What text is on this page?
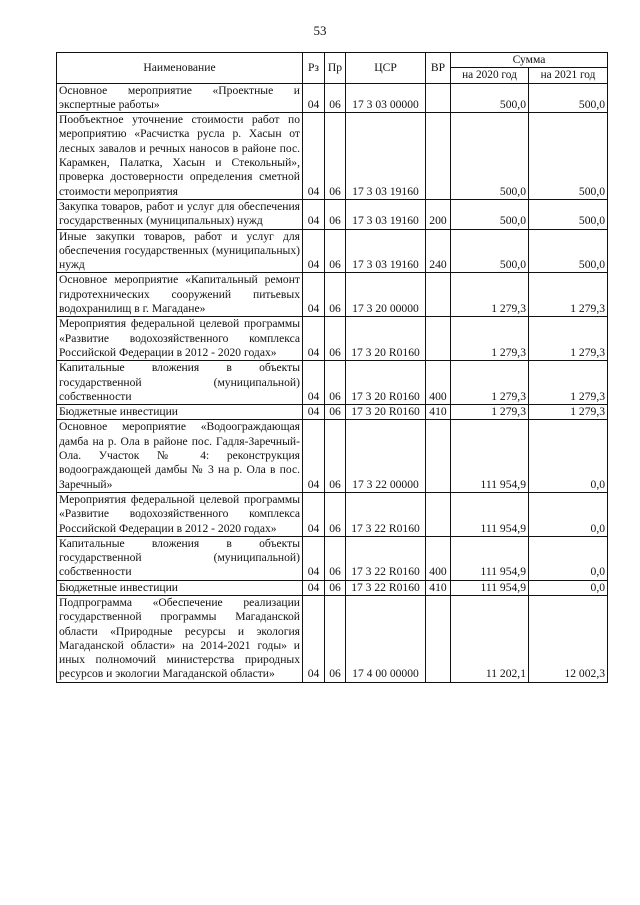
53
Наименование	Рз	Пр	ЦСР	ВР	Сумма	
					на 2020 год	на 2021 год
Основное мероприятие «Проектные и экспертные работы»	04	06	17 3 03 00000		500,0	500,0
Пообъектное уточнение стоимости работ по мероприятию «Расчистка русла р. Хасын от лесных завалов и речных наносов в районе пос. Карамкен, Палатка, Хасын и Стекольный», проверка достоверности определения сметной стоимости мероприятия	04	06	17 3 03 19160		500,0	500,0
Закупка товаров, работ и услуг для обеспечения государственных (муниципальных) нужд	04	06	17 3 03 19160	200	500,0	500,0
Иные закупки товаров, работ и услуг для обеспечения государственных (муниципальных) нужд	04	06	17 3 03 19160	240	500,0	500,0
Основное мероприятие «Капитальный ремонт гидротехнических сооружений питьевых водохранилищ в г. Магадане»	04	06	17 3 20 00000		1 279,3	1 279,3
Мероприятия федеральной целевой программы «Развитие водохозяйственного комплекса Российской Федерации в 2012 - 2020 годах»	04	06	17 3 20 R0160		1 279,3	1 279,3
Капитальные вложения в объекты государственной (муниципальной) собственности	04	06	17 3 20 R0160	400	1 279,3	1 279,3
Бюджетные инвестиции	04	06	17 3 20 R0160	410	1 279,3	1 279,3
Основное мероприятие «Водоограждающая дамба на р. Ола в районе пос. Гадля-Заречный-Ола. Участок № 4: реконструкция водоограждающей дамбы № 3 на р. Ола в пос. Заречный»	04	06	17 3 22 00000		111 954,9	0,0
Мероприятия федеральной целевой программы «Развитие водохозяйственного комплекса Российской Федерации в 2012 - 2020 годах»	04	06	17 3 22 R0160		111 954,9	0,0
Капитальные вложения в объекты государственной (муниципальной) собственности	04	06	17 3 22 R0160	400	111 954,9	0,0
Бюджетные инвестиции	04	06	17 3 22 R0160	410	111 954,9	0,0
Подпрограмма «Обеспечение реализации государственной программы Магаданской области «Природные ресурсы и экология Магаданской области» на 2014-2021 годы» и иных полномочий министерства природных ресурсов и экологии Магаданской области»	04	06	17 4 00 00000		11 202,1	12 002,3
